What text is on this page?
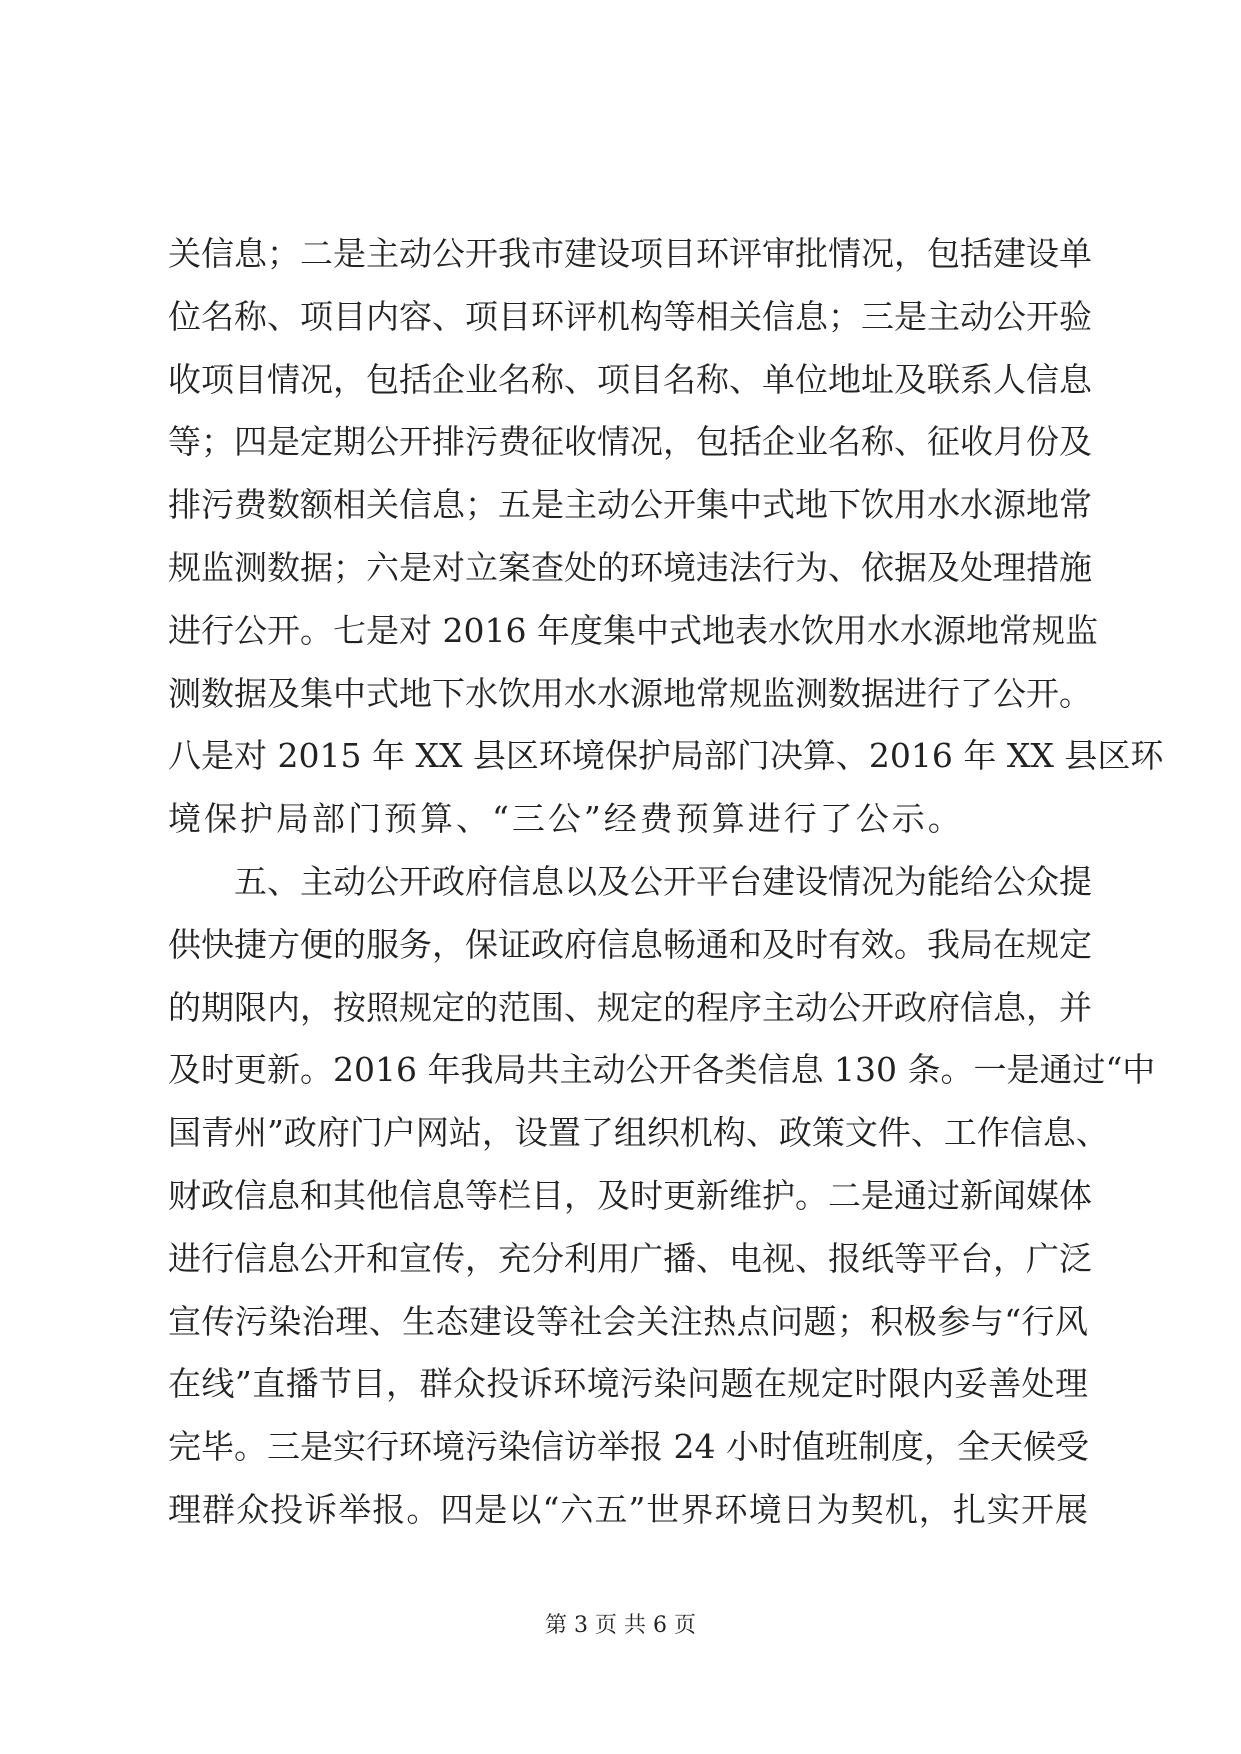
关信息；二是主动公开我市建设项目环评审批情况，包括建设单
位名称、项目内容、项目环评机构等相关信息；三是主动公开验
收项目情况，包括企业名称、项目名称、单位地址及联系人信息
等；四是定期公开排污费征收情况，包括企业名称、征收月份及
排污费数额相关信息；五是主动公开集中式地下饮用水水源地常
规监测数据；六是对立案查处的环境违法行为、依据及处理措施
进行公开。七是对 2016 年度集中式地表水饮用水水源地常规监
测数据及集中式地下水饮用水水源地常规监测数据进行了公开。
八是对 2015 年 XX 县区环境保护局部门决算、2016 年 XX 县区环
境保护局部门预算、“三公”经费预算进行了公示。
　　五、主动公开政府信息以及公开平台建设情况为能给公众提
供快捷方便的服务，保证政府信息畅通和及时有效。我局在规定
的期限内，按照规定的范围、规定的程序主动公开政府信息，并
及时更新。2016 年我局共主动公开各类信息 130 条。一是通过“中
国青州”政府门户网站，设置了组织机构、政策文件、工作信息、
财政信息和其他信息等栏目，及时更新维护。二是通过新闻媒体
进行信息公开和宣传，充分利用广播、电视、报纸等平台，广泛
宣传污染治理、生态建设等社会关注热点问题；积极参与“行风
在线”直播节目，群众投诉环境污染问题在规定时限内妥善处理
完毕。三是实行环境污染信访举报 24 小时值班制度，全天候受
理群众投诉举报。四是以“六五”世界环境日为契机，扎实开展
第 3 页 共 6 页
